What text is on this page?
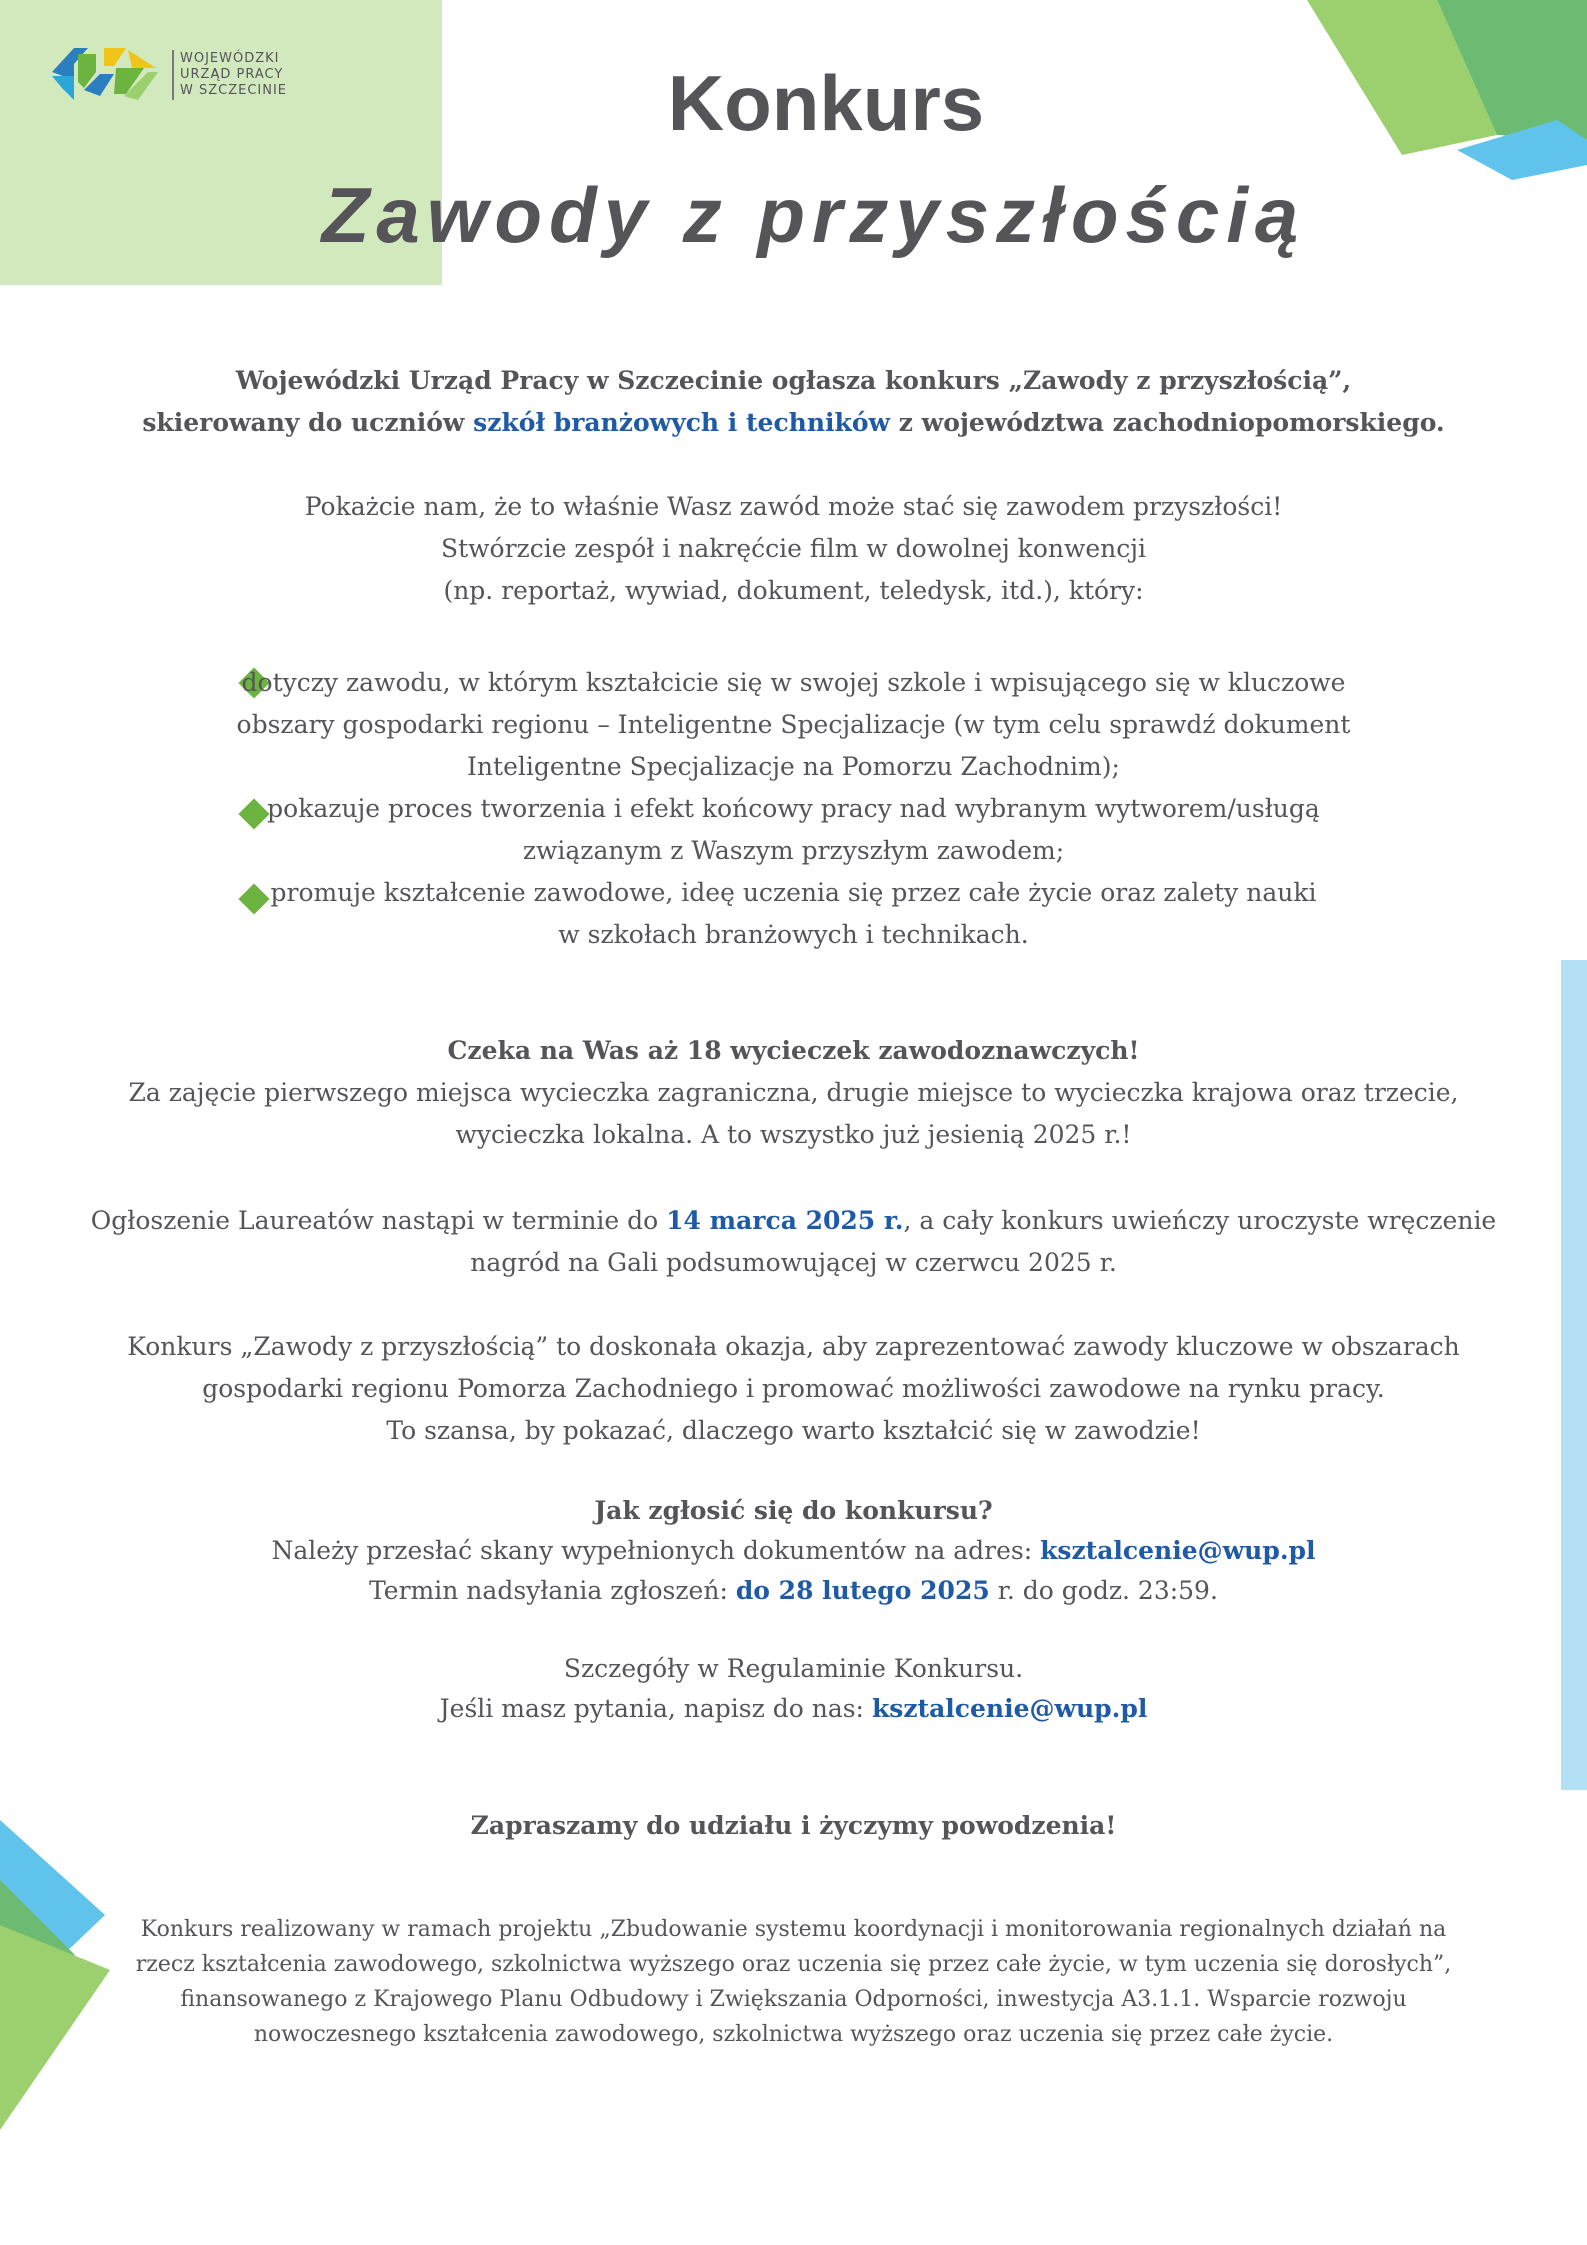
WOJEWÓDZKI
URZĄD PRACY
W SZCZECINIE	Konkurs
Zawody z przyszłością

Wojewódzki Urząd Pracy w Szczecinie ogłasza konkurs „Zawody z przyszłością”,

skierowany do uczniów szkół branżowych i techników z województwa zachodniopomorskiego.

Pokażcie nam, że to właśnie Wasz zawód może stać się zawodem przyszłości!

Stwórzcie zespół i nakręćcie film w dowolnej konwencji

(np. reportaż, wywiad, dokument, teledysk, itd.), który:

dotyczy zawodu, w którym kształcicie się w swojej szkole i wpisującego się w kluczowe

obszary gospodarki regionu – Inteligentne Specjalizacje (w tym celu sprawdź dokument

Inteligentne Specjalizacje na Pomorzu Zachodnim);

pokazuje proces tworzenia i efekt końcowy pracy nad wybranym wytworem/usługą

związanym z Waszym przyszłym zawodem;

promuje kształcenie zawodowe, ideę uczenia się przez całe życie oraz zalety nauki

w szkołach branżowych i technikach.

Czeka na Was aż 18 wycieczek zawodoznawczych!

Za zajęcie pierwszego miejsca wycieczka zagraniczna, drugie miejsce to wycieczka krajowa oraz trzecie,

wycieczka lokalna. A to wszystko już jesienią 2025 r.!

Ogłoszenie Laureatów nastąpi w terminie do 14 marca 2025 r., a cały konkurs uwieńczy uroczyste wręczenie

nagród na Gali podsumowującej w czerwcu 2025 r.

Konkurs „Zawody z przyszłością” to doskonała okazja, aby zaprezentować zawody kluczowe w obszarach

gospodarki regionu Pomorza Zachodniego i promować możliwości zawodowe na rynku pracy.

To szansa, by pokazać, dlaczego warto kształcić się w zawodzie!

Jak zgłosić się do konkursu?

Należy przesłać skany wypełnionych dokumentów na adres: ksztalcenie@wup.pl

Termin nadsyłania zgłoszeń: do 28 lutego 2025 r. do godz. 23:59.

Szczegóły w Regulaminie Konkursu.

Jeśli masz pytania, napisz do nas: ksztalcenie@wup.pl

Zapraszamy do udziału i życzymy powodzenia!

Konkurs realizowany w ramach projektu „Zbudowanie systemu koordynacji i monitorowania regionalnych działań na

rzecz kształcenia zawodowego, szkolnictwa wyższego oraz uczenia się przez całe życie, w tym uczenia się dorosłych”,

finansowanego z Krajowego Planu Odbudowy i Zwiększania Odporności, inwestycja A3.1.1. Wsparcie rozwoju

nowoczesnego kształcenia zawodowego, szkolnictwa wyższego oraz uczenia się przez całe życie.
